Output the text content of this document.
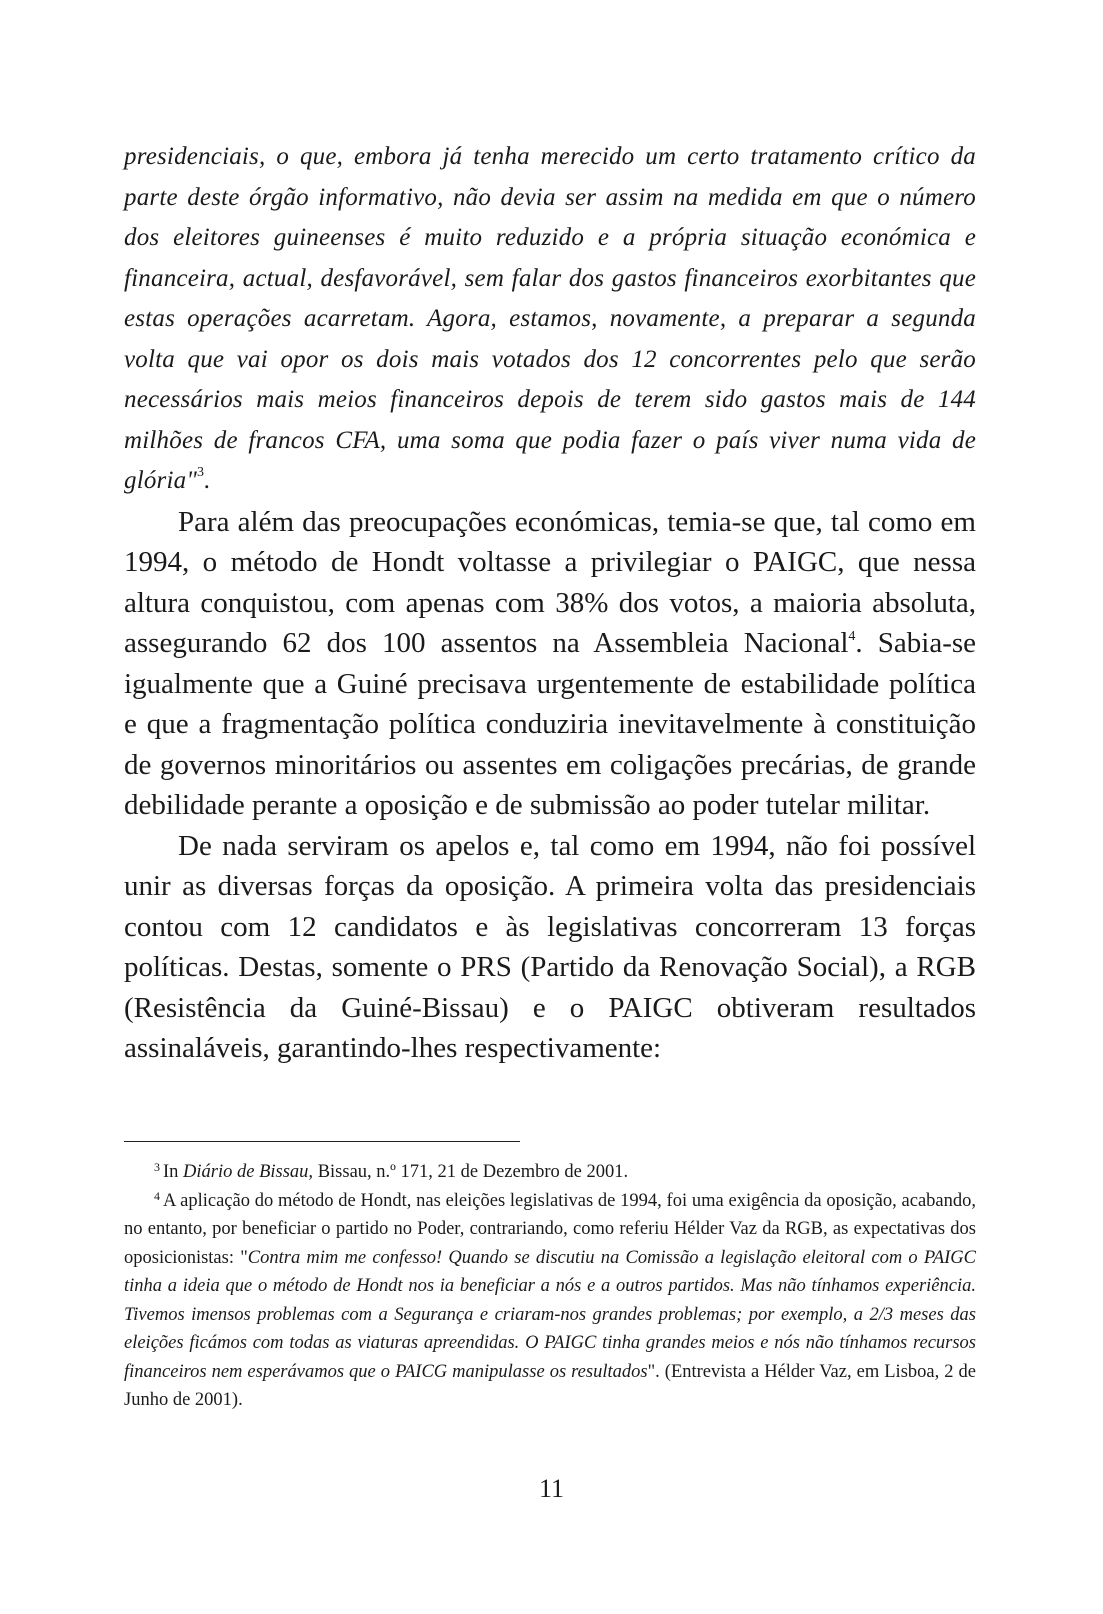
presidenciais, o que, embora já tenha merecido um certo tratamento crítico da parte deste órgão informativo, não devia ser assim na medida em que o número dos eleitores guineenses é muito reduzido e a própria situação económica e financeira, actual, desfavorável, sem falar dos gastos financeiros exorbitantes que estas operações acarretam. Agora, estamos, novamente, a preparar a segunda volta que vai opor os dois mais votados dos 12 concorrentes pelo que serão necessários mais meios financeiros depois de terem sido gastos mais de 144 milhões de francos CFA, uma soma que podia fazer o país viver numa vida de glória"$^3$.

Para além das preocupações económicas, temia-se que, tal como em 1994, o método de Hondt voltasse a privilegiar o PAIGC, que nessa altura conquistou, com apenas com 38% dos votos, a maioria absoluta, assegurando 62 dos 100 assentos na Assembleia Nacional$^4$. Sabia-se igualmente que a Guiné precisava urgentemente de estabilidade política e que a fragmentação política conduziria inevitavelmente à constituição de governos minoritários ou assentes em coligações precárias, de grande debilidade perante a oposição e de submissão ao poder tutelar militar.

De nada serviram os apelos e, tal como em 1994, não foi possível unir as diversas forças da oposição. A primeira volta das presidenciais contou com 12 candidatos e às legislativas concorreram 13 forças políticas. Destas, somente o PRS (Partido da Renovação Social), a RGB (Resistência da Guiné-Bissau) e o PAIGC obtiveram resultados assinaláveis, garantindo-lhes respectivamente:

$^3$ In Diário de Bissau, Bissau, n.º 171, 21 de Dezembro de 2001.

$^4$ A aplicação do método de Hondt, nas eleições legislativas de 1994, foi uma exigência da oposição, acabando, no entanto, por beneficiar o partido no Poder, contrariando, como referiu Hélder Vaz da RGB, as expectativas dos oposicionistas: "Contra mim me confesso! Quando se discutiu na Comissão a legislação eleitoral com o PAIGC tinha a ideia que o método de Hondt nos ia beneficiar a nós e a outros partidos. Mas não tínhamos experiência. Tivemos imensos problemas com a Segurança e criaram-nos grandes problemas; por exemplo, a 2/3 meses das eleições ficámos com todas as viaturas apreendidas. O PAIGC tinha grandes meios e nós não tínhamos recursos financeiros nem esperávamos que o PAICG manipulasse os resultados". (Entrevista a Hélder Vaz, em Lisboa, 2 de Junho de 2001).

11
